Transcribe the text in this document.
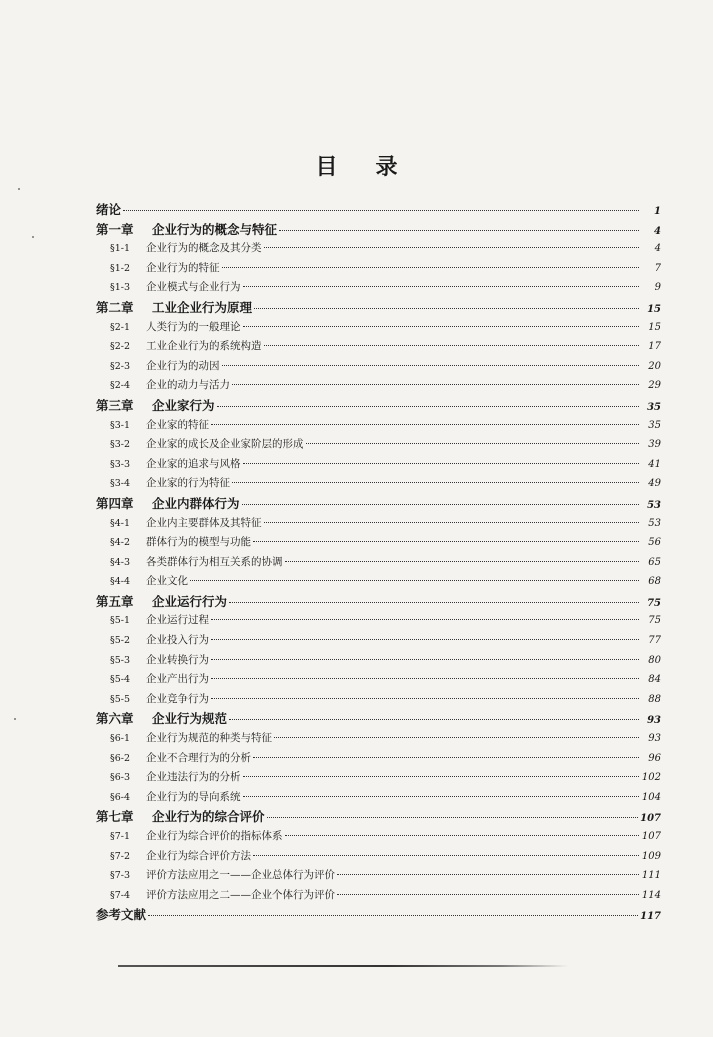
目 录
绪论	1
第一章	企业行为的概念与特征	4
§1-1	企业行为的概念及其分类	4
§1-2	企业行为的特征	7
§1-3	企业模式与企业行为	9
第二章	工业企业行为原理	15
§2-1	人类行为的一般理论	15
§2-2	工业企业行为的系统构造	17
§2-3	企业行为的动因	20
§2-4	企业的动力与活力	29
第三章	企业家行为	35
§3-1	企业家的特征	35
§3-2	企业家的成长及企业家阶层的形成	39
§3-3	企业家的追求与风格	41
§3-4	企业家的行为特征	49
第四章	企业内群体行为	53
§4-1	企业内主要群体及其特征	53
§4-2	群体行为的模型与功能	56
§4-3	各类群体行为相互关系的协调	65
§4-4	企业文化	68
第五章	企业运行行为	75
§5-1	企业运行过程	75
§5-2	企业投入行为	77
§5-3	企业转换行为	80
§5-4	企业产出行为	84
§5-5	企业竞争行为	88
第六章	企业行为规范	93
§6-1	企业行为规范的种类与特征	93
§6-2	企业不合理行为的分析	96
§6-3	企业违法行为的分析	102
§6-4	企业行为的导向系统	104
第七章	企业行为的综合评价	107
§7-1	企业行为综合评价的指标体系	107
§7-2	企业行为综合评价方法	109
§7-3	评价方法应用之一——企业总体行为评价	111
§7-4	评价方法应用之二——企业个体行为评价	114
参考文献	117
